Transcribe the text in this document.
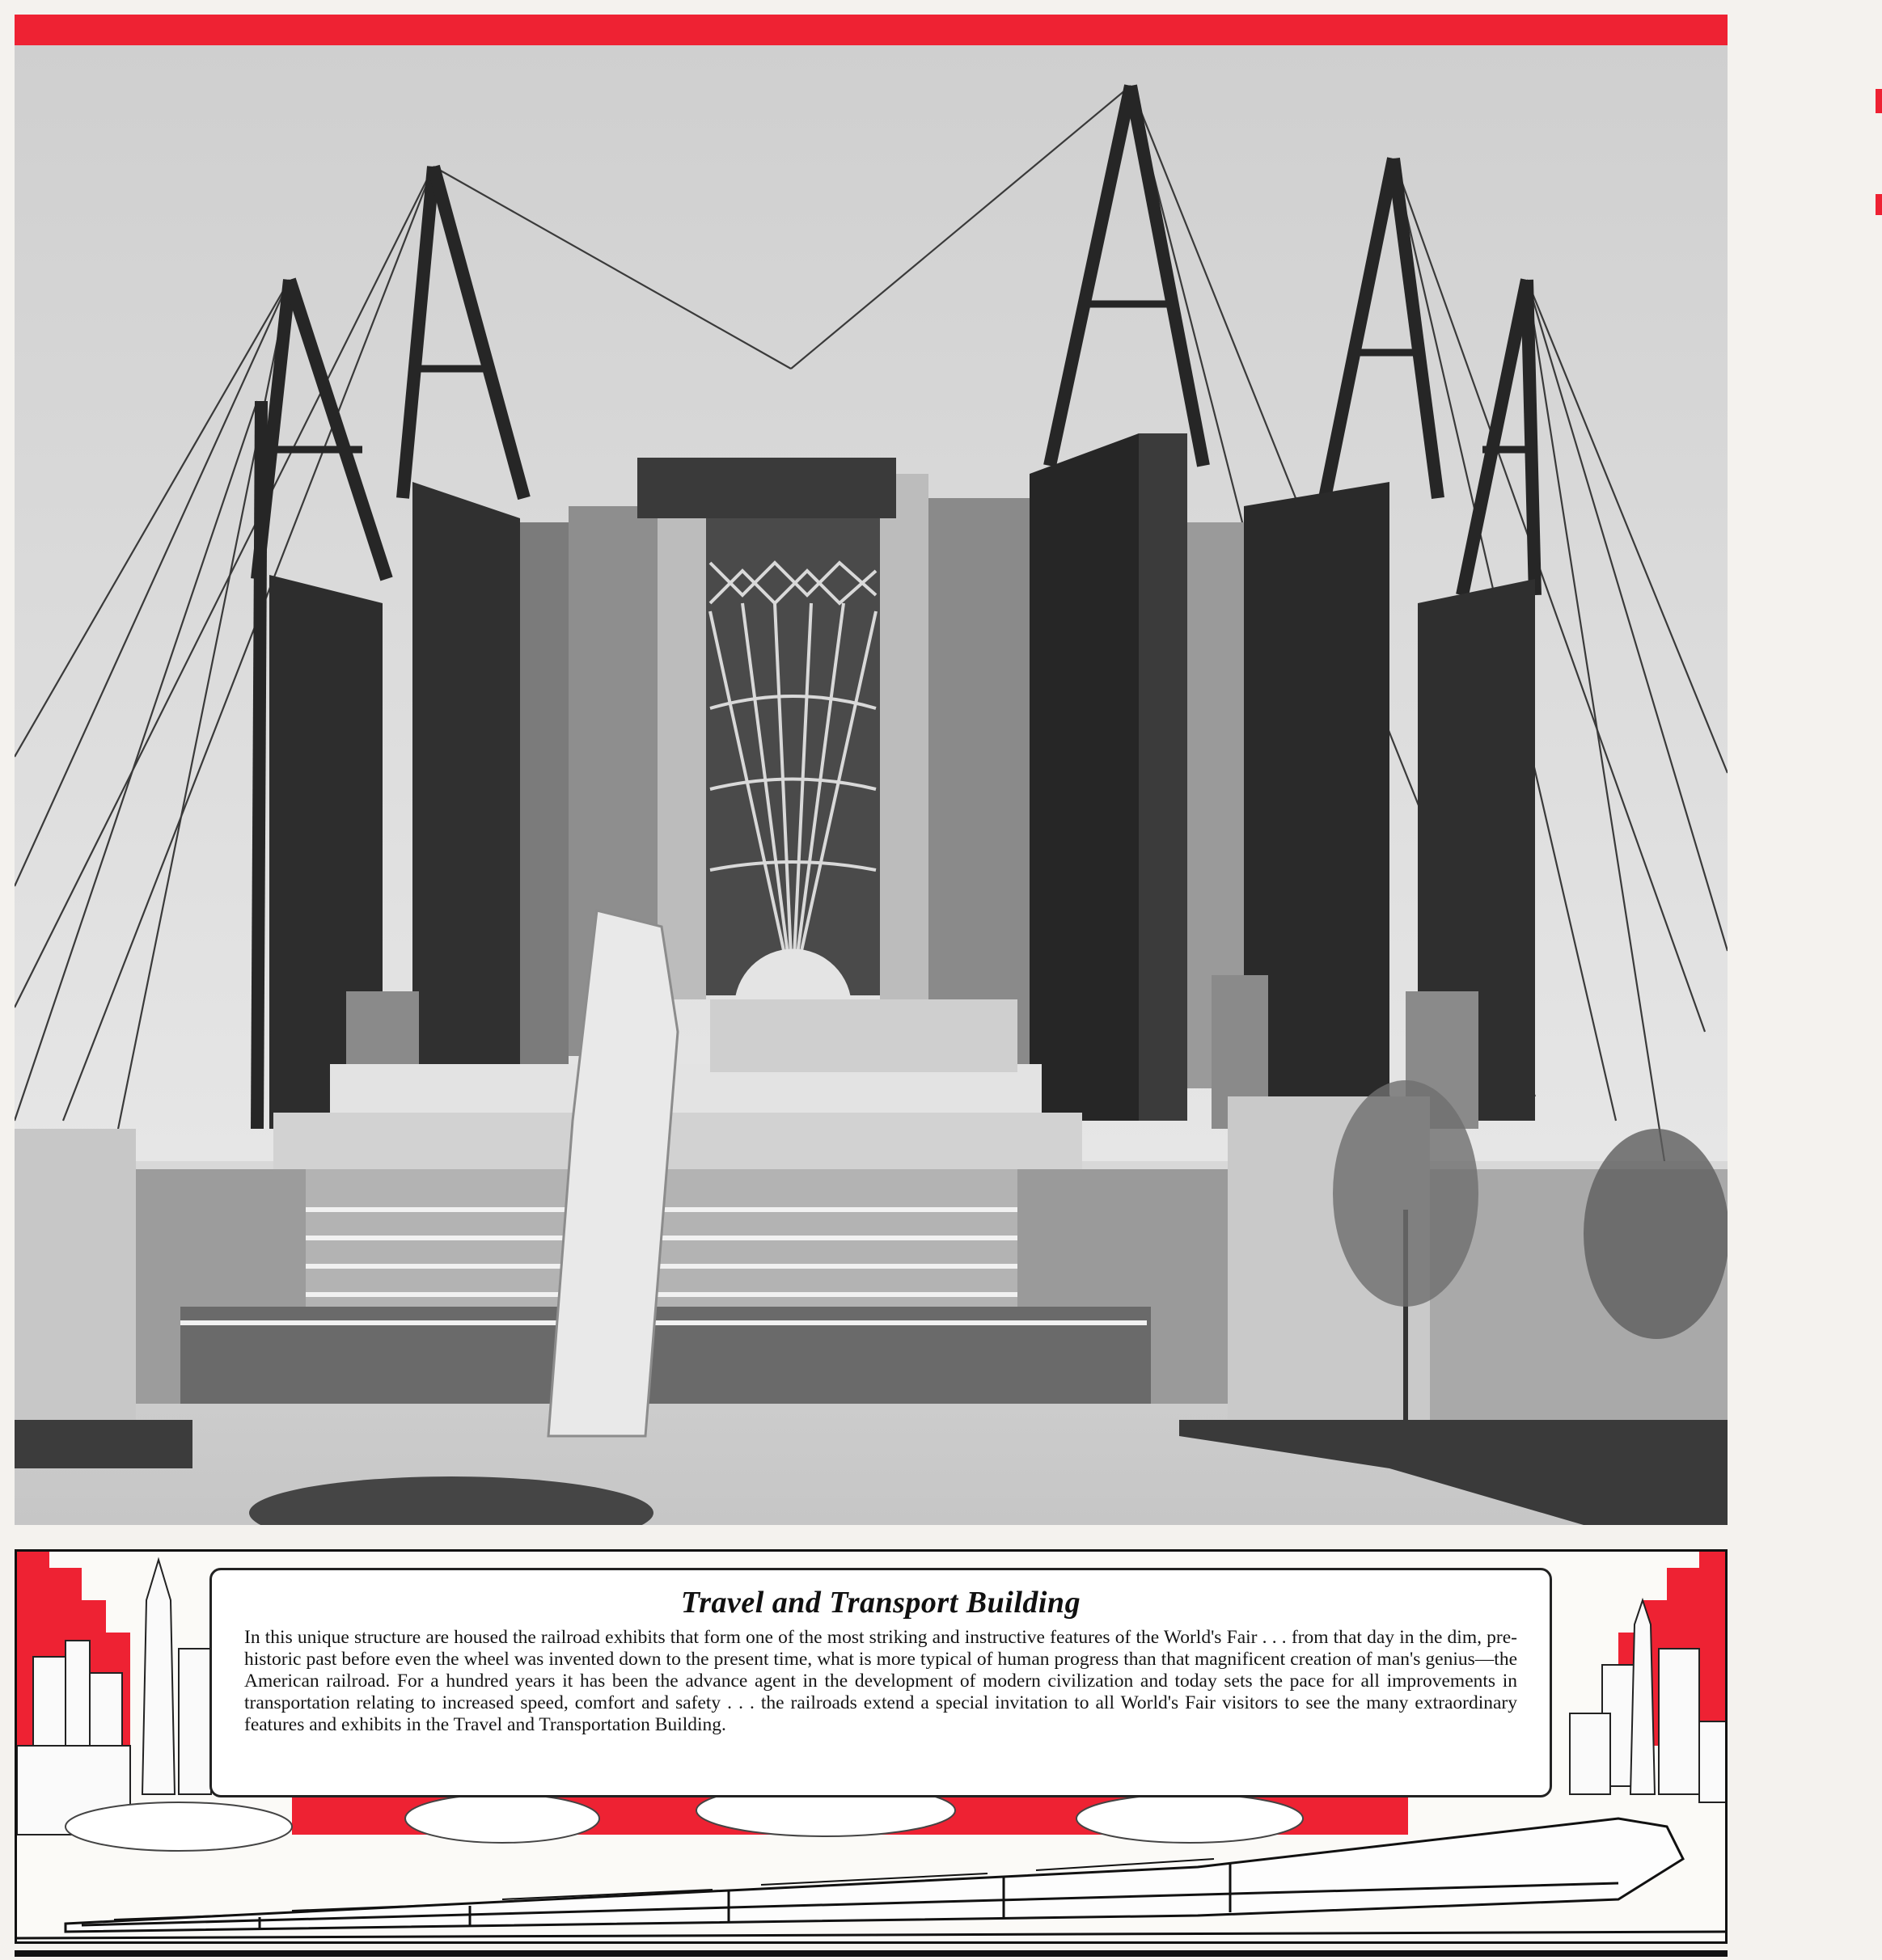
Travel and Transport Building

In this unique structure are housed the railroad exhibits that form one of the most striking and instructive features of the World's Fair . . . from that day in the dim, pre-historic past before even the wheel was invented down to the present time, what is more typical of human progress than that magnificent creation of man's genius—the American railroad. For a hundred years it has been the advance agent in the development of modern civilization and today sets the pace for all improvements in transportation relating to increased speed, comfort and safety . . . the railroads extend a special invitation to all World's Fair visitors to see the many extraordinary features and exhibits in the Travel and Transportation Building.
